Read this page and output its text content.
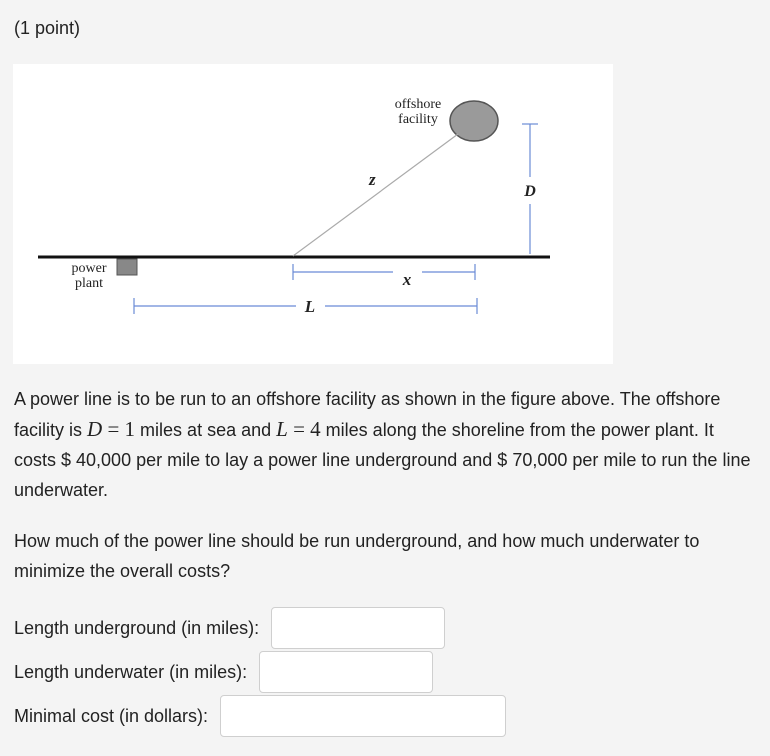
(1 point)
power
plant
offshore
facility
z
D
x
L
A power line is to be run to an offshore facility as shown in the figure above. The offshore facility is D = 1 miles at sea and L = 4 miles along the shoreline from the power plant. It costs $ 40,000 per mile to lay a power line underground and $ 70,000 per mile to run the line underwater.
How much of the power line should be run underground, and how much underwater to minimize the overall costs?
Length underground (in miles):
Length underwater (in miles):
Minimal cost (in dollars):
